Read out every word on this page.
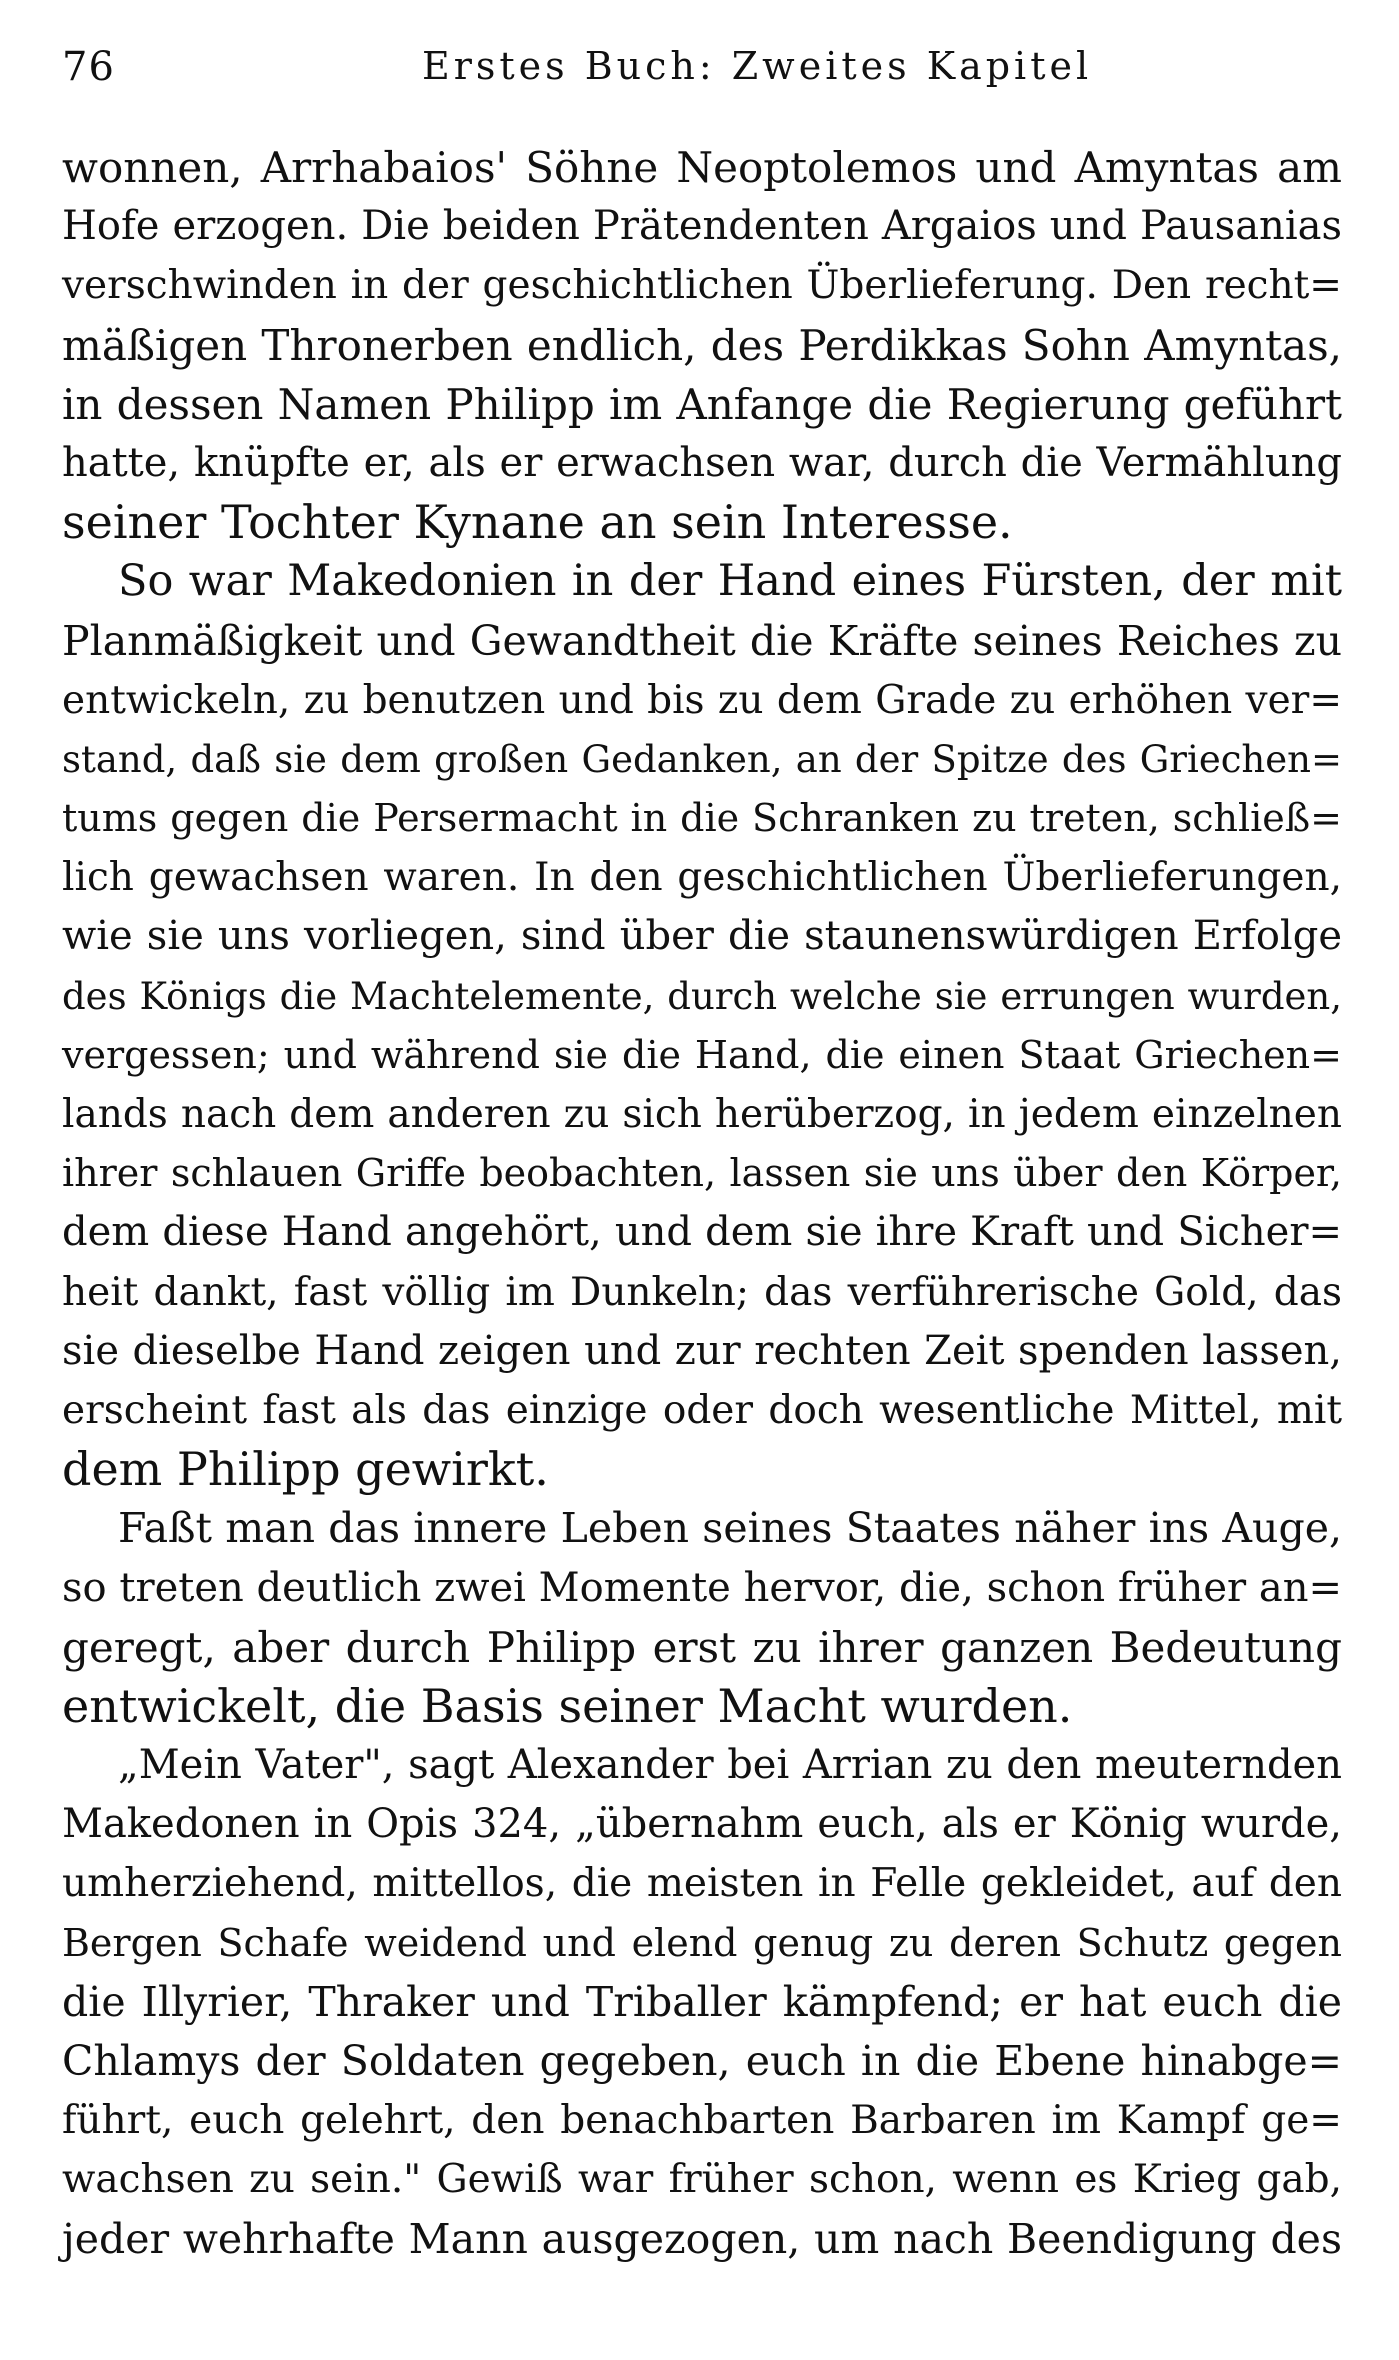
76	Erstes Buch: Zweites Kapitel
wonnen, Arrhabaios' Söhne Neoptolemos und Amyntas am
Hofe erzogen. Die beiden Prätendenten Argaios und Pausanias
verschwinden in der geschichtlichen Überlieferung. Den recht=
mäßigen Thronerben endlich, des Perdikkas Sohn Amyntas,
in dessen Namen Philipp im Anfange die Regierung geführt
hatte, knüpfte er, als er erwachsen war, durch die Vermählung
seiner Tochter Kynane an sein Interesse.
So war Makedonien in der Hand eines Fürsten, der mit
Planmäßigkeit und Gewandtheit die Kräfte seines Reiches zu
entwickeln, zu benutzen und bis zu dem Grade zu erhöhen ver=
stand, daß sie dem großen Gedanken, an der Spitze des Griechen=
tums gegen die Persermacht in die Schranken zu treten, schließ=
lich gewachsen waren. In den geschichtlichen Überlieferungen,
wie sie uns vorliegen, sind über die staunenswürdigen Erfolge
des Königs die Machtelemente, durch welche sie errungen wurden,
vergessen; und während sie die Hand, die einen Staat Griechen=
lands nach dem anderen zu sich herüberzog, in jedem einzelnen
ihrer schlauen Griffe beobachten, lassen sie uns über den Körper,
dem diese Hand angehört, und dem sie ihre Kraft und Sicher=
heit dankt, fast völlig im Dunkeln; das verführerische Gold, das
sie dieselbe Hand zeigen und zur rechten Zeit spenden lassen,
erscheint fast als das einzige oder doch wesentliche Mittel, mit
dem Philipp gewirkt.
Faßt man das innere Leben seines Staates näher ins Auge,
so treten deutlich zwei Momente hervor, die, schon früher an=
geregt, aber durch Philipp erst zu ihrer ganzen Bedeutung
entwickelt, die Basis seiner Macht wurden.
„Mein Vater", sagt Alexander bei Arrian zu den meuternden
Makedonen in Opis 324, „übernahm euch, als er König wurde,
umherziehend, mittellos, die meisten in Felle gekleidet, auf den
Bergen Schafe weidend und elend genug zu deren Schutz gegen
die Illyrier, Thraker und Triballer kämpfend; er hat euch die
Chlamys der Soldaten gegeben, euch in die Ebene hinabge=
führt, euch gelehrt, den benachbarten Barbaren im Kampf ge=
wachsen zu sein." Gewiß war früher schon, wenn es Krieg gab,
jeder wehrhafte Mann ausgezogen, um nach Beendigung des
